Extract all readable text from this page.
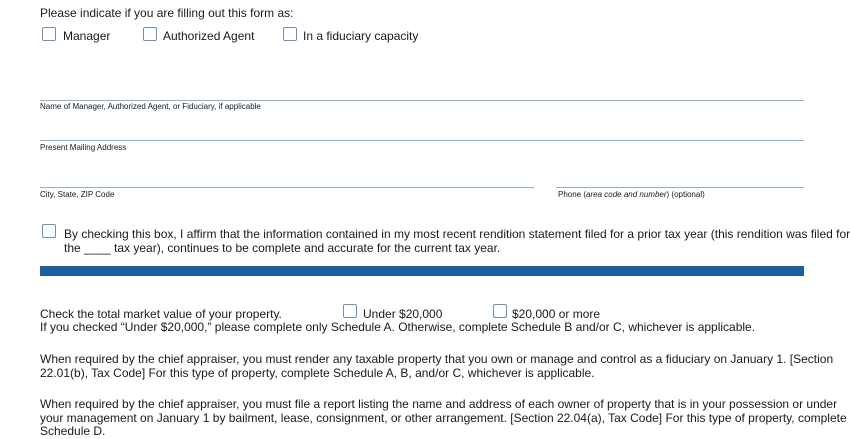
Please indicate if you are filling out this form as:
Manager	Authorized Agent	In a fiduciary capacity
Name of Manager, Authorized Agent, or Fiduciary, if applicable
Present Mailing Address
City, State, ZIP Code	Phone (area code and number) (optional)
By checking this box, I affirm that the information contained in my most recent rendition statement filed for a prior tax year (this rendition was filed for
the ____ tax year), continues to be complete and accurate for the current tax year.
Check the total market value of your property.	Under $20,000	$20,000 or more
If you checked “Under $20,000,” please complete only Schedule A. Otherwise, complete Schedule B and/or C, whichever is applicable.
When required by the chief appraiser, you must render any taxable property that you own or manage and control as a fiduciary on January 1. [Section
22.01(b), Tax Code] For this type of property, complete Schedule A, B, and/or C, whichever is applicable.
When required by the chief appraiser, you must file a report listing the name and address of each owner of property that is in your possession or under
your management on January 1 by bailment, lease, consignment, or other arrangement. [Section 22.04(a), Tax Code] For this type of property, complete
Schedule D.
